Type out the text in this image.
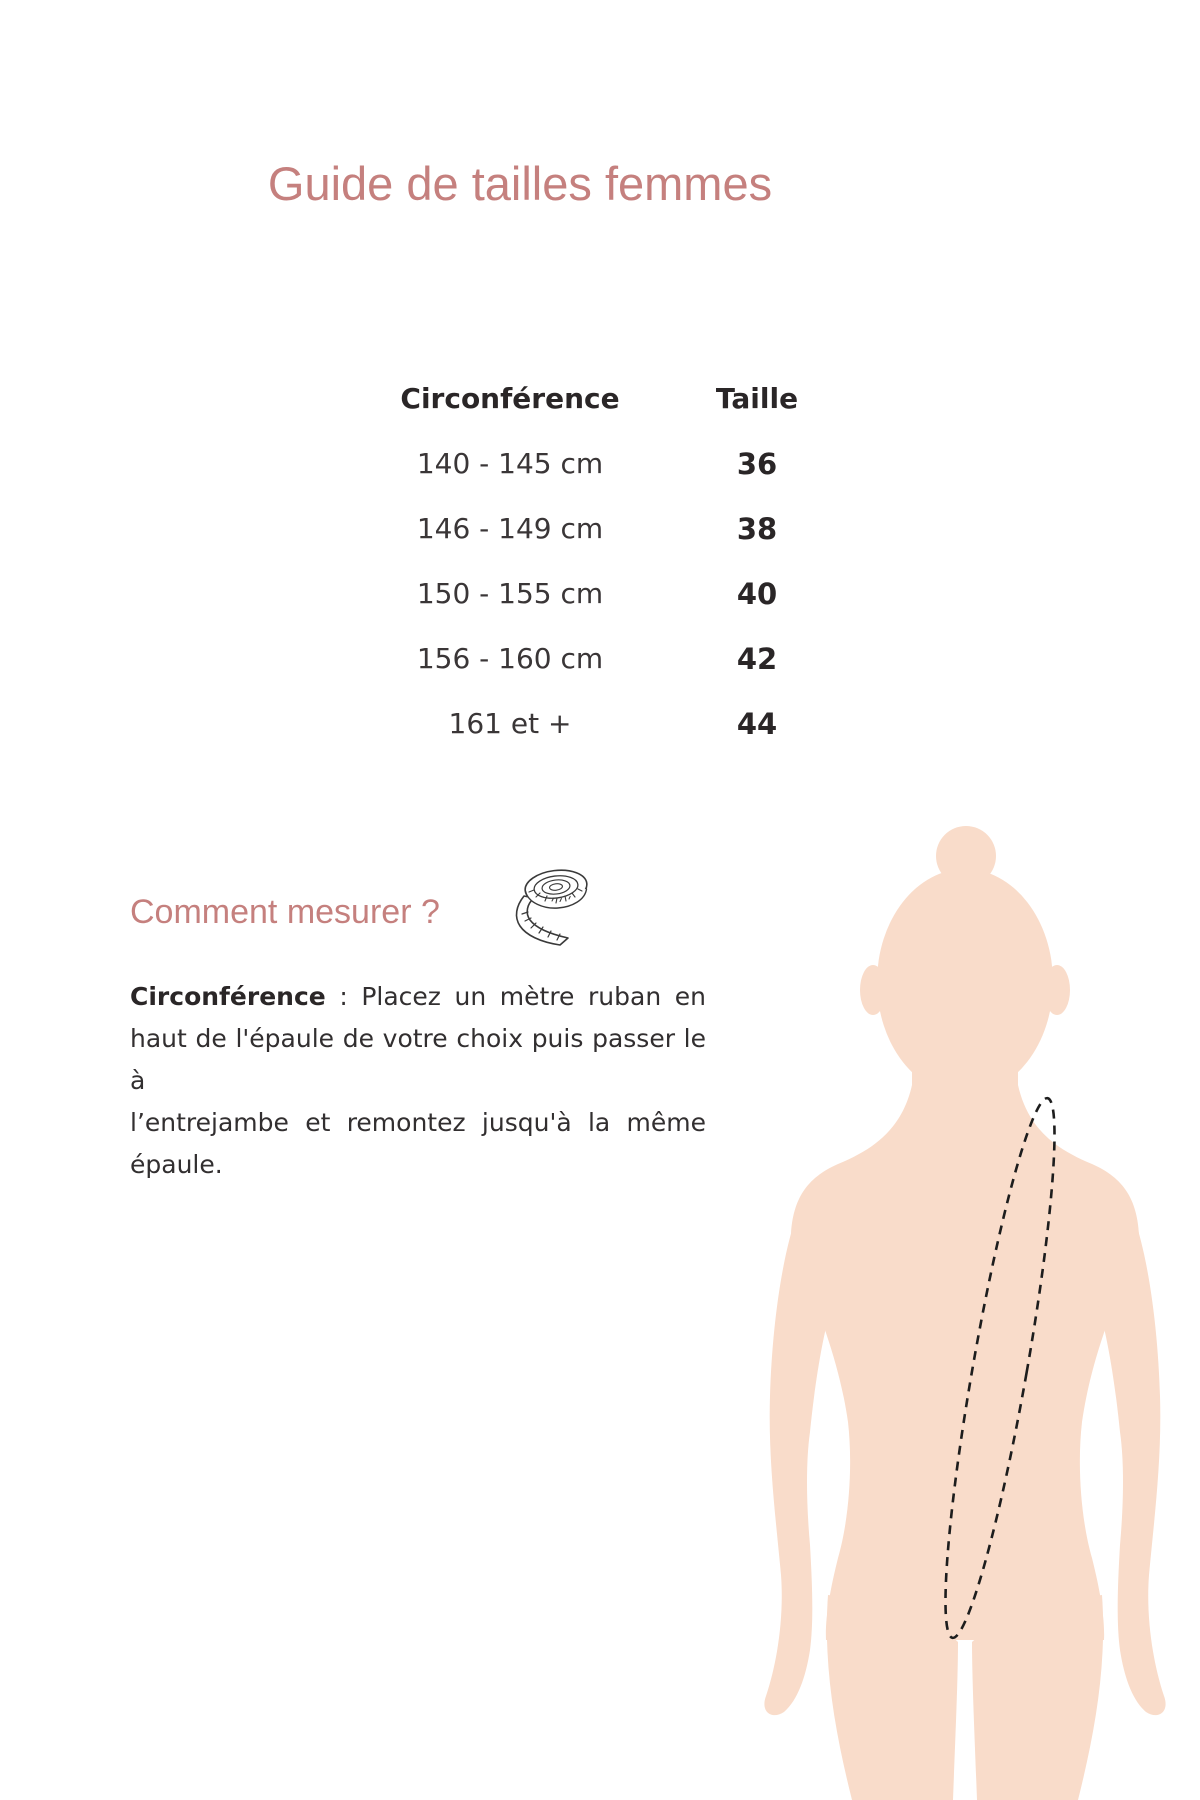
Guide de tailles femmes
Circonférence	Taille
140 - 145 cm	36
146 - 149 cm	38
150 - 155 cm	40
156 - 160 cm	42
161 et +	44
Comment mesurer ?
Circonférence : Placez un mètre ruban en
haut de l'épaule de votre choix puis passer le à
l’entrejambe et remontez jusqu'à la même
épaule.
